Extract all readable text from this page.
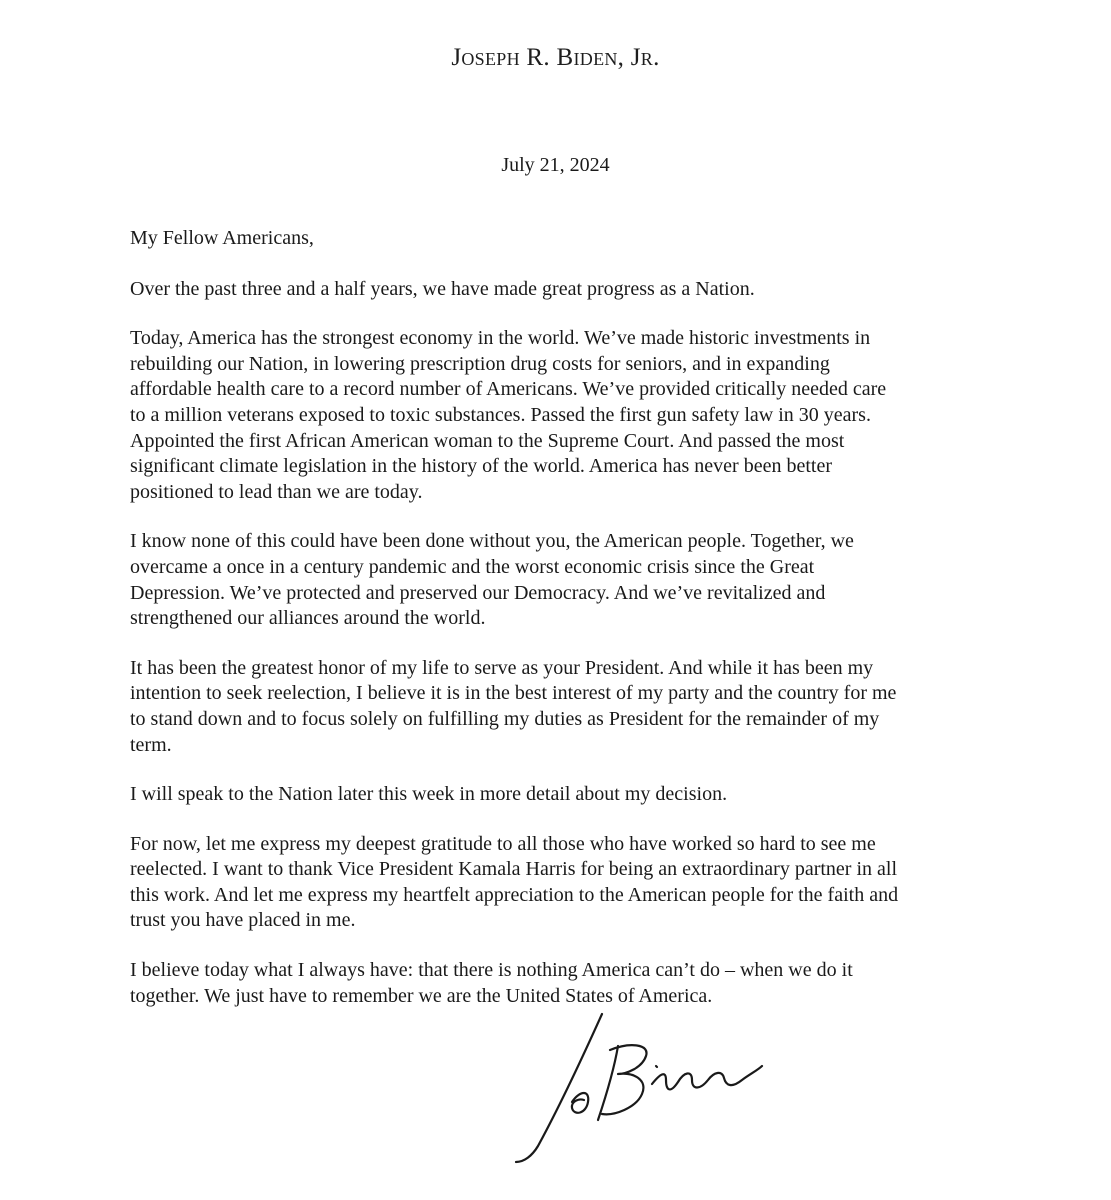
Joseph R. Biden, Jr.
July 21, 2024
My Fellow Americans,
Over the past three and a half years, we have made great progress as a Nation.
Today, America has the strongest economy in the world. We’ve made historic investments in
rebuilding our Nation, in lowering prescription drug costs for seniors, and in expanding
affordable health care to a record number of Americans. We’ve provided critically needed care
to a million veterans exposed to toxic substances. Passed the first gun safety law in 30 years.
Appointed the first African American woman to the Supreme Court. And passed the most
significant climate legislation in the history of the world. America has never been better
positioned to lead than we are today.
I know none of this could have been done without you, the American people. Together, we
overcame a once in a century pandemic and the worst economic crisis since the Great
Depression. We’ve protected and preserved our Democracy. And we’ve revitalized and
strengthened our alliances around the world.
It has been the greatest honor of my life to serve as your President. And while it has been my
intention to seek reelection, I believe it is in the best interest of my party and the country for me
to stand down and to focus solely on fulfilling my duties as President for the remainder of my
term.
I will speak to the Nation later this week in more detail about my decision.
For now, let me express my deepest gratitude to all those who have worked so hard to see me
reelected. I want to thank Vice President Kamala Harris for being an extraordinary partner in all
this work. And let me express my heartfelt appreciation to the American people for the faith and
trust you have placed in me.
I believe today what I always have: that there is nothing America can’t do – when we do it
together. We just have to remember we are the United States of America.
